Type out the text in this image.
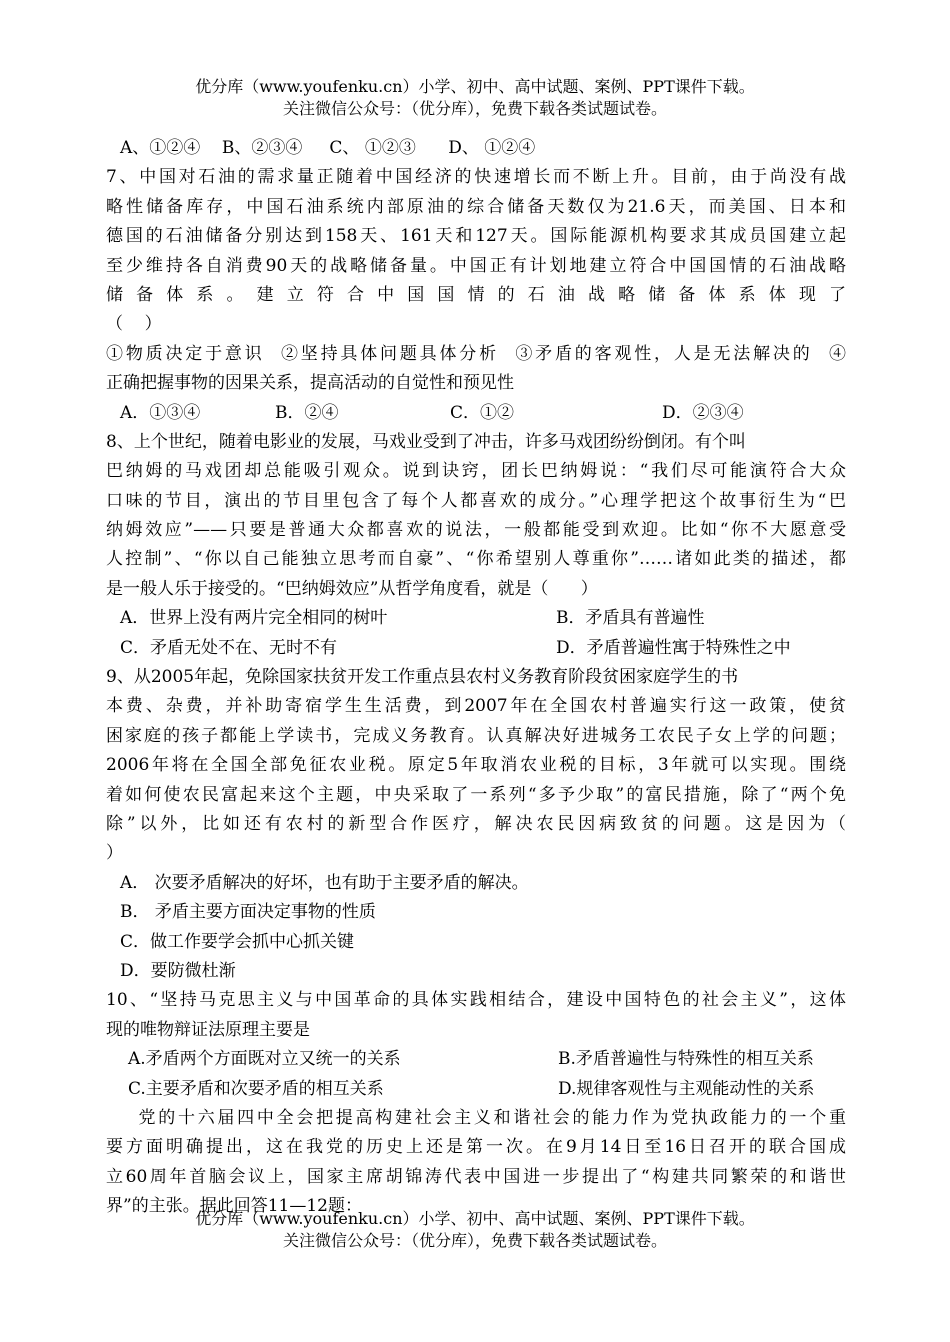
优分库（www.youfenku.cn）小学、初中、高中试题、案例、PPT课件下载。
关注微信公众号：（优分库），免费下载各类试题试卷。
A、①②④    B、②③④     C、 ①②③      D、 ①②④
7、中国对石油的需求量正随着中国经济的快速增长而不断上升。目前，由于尚没有战
略性储备库存，中国石油系统内部原油的综合储备天数仅为21.6天，而美国、日本和
德国的石油储备分别达到158天、161天和127天。国际能源机构要求其成员国建立起
至少维持各自消费90天的战略储备量。中国正有计划地建立符合中国国情的石油战略
储备体系。建立符合中国国情的石油战略储备体系体现了
（    ）
①物质决定于意识  ②坚持具体问题具体分析  ③矛盾的客观性，人是无法解决的  ④
正确把握事物的因果关系，提高活动的自觉性和预见性
A．①③④	B．②④	C．①②	D．②③④
8、上个世纪，随着电影业的发展，马戏业受到了冲击，许多马戏团纷纷倒闭。有个叫
巴纳姆的马戏团却总能吸引观众。说到诀窍，团长巴纳姆说：“我们尽可能演符合大众
口味的节目，演出的节目里包含了每个人都喜欢的成分。”心理学把这个故事衍生为“巴
纳姆效应”——只要是普通大众都喜欢的说法，一般都能受到欢迎。比如“你不大愿意受
人控制”、“你以自己能独立思考而自豪”、“你希望别人尊重你”……诸如此类的描述，都
是一般人乐于接受的。“巴纳姆效应”从哲学角度看，就是（      ）
A．世界上没有两片完全相同的树叶	B．矛盾具有普遍性
C．矛盾无处不在、无时不有	D．矛盾普遍性寓于特殊性之中
9、从2005年起，免除国家扶贫开发工作重点县农村义务教育阶段贫困家庭学生的书
本费、杂费，并补助寄宿学生生活费，到2007年在全国农村普遍实行这一政策，使贫
困家庭的孩子都能上学读书，完成义务教育。认真解决好进城务工农民子女上学的问题；
2006年将在全国全部免征农业税。原定5年取消农业税的目标，3年就可以实现。围绕
着如何使农民富起来这个主题，中央采取了一系列“多予少取”的富民措施，除了“两个免
除”以外，比如还有农村的新型合作医疗，解决农民因病致贫的问题。这是因为（
）
A． 次要矛盾解决的好坏，也有助于主要矛盾的解决。
B． 矛盾主要方面决定事物的性质
C．做工作要学会抓中心抓关键
D．要防微杜渐
10、“坚持马克思主义与中国革命的具体实践相结合，建设中国特色的社会主义”，这体
现的唯物辩证法原理主要是
A.矛盾两个方面既对立又统一的关系	B.矛盾普遍性与特殊性的相互关系
C.主要矛盾和次要矛盾的相互关系	D.规律客观性与主观能动性的关系
党的十六届四中全会把提高构建社会主义和谐社会的能力作为党执政能力的一个重
要方面明确提出，这在我党的历史上还是第一次。在9月14日至16日召开的联合国成
立60周年首脑会议上，国家主席胡锦涛代表中国进一步提出了“构建共同繁荣的和谐世
界”的主张。据此回答11—12题：
优分库（www.youfenku.cn）小学、初中、高中试题、案例、PPT课件下载。
关注微信公众号：（优分库），免费下载各类试题试卷。
